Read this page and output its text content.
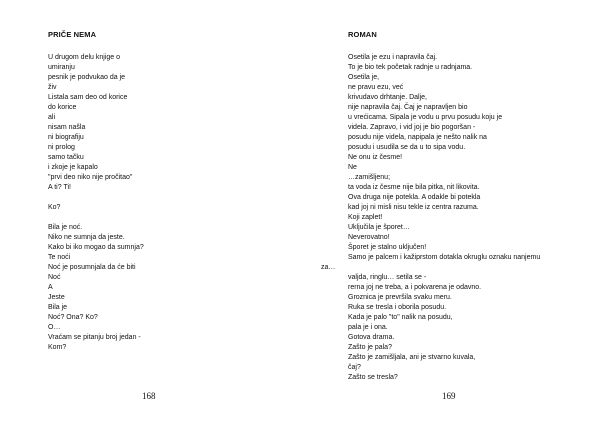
PRIČE NEMA
U drugom delu knjige o
umiranju
pesnik je podvukao da je
živ
Listala sam deo od korice
do korice
ali
nisam našla
ni biografiju
ni prolog
samo tačku
i zkoje je kapalo
"prvi deo niko nije pročitao"
A ti? Ti!
Ko?
Bila je noć.
Niko ne sumnja da jeste.
Kako bi iko mogao da sumnja?
Te noći
Noć je posumnjala da će biti
Noć
A
Jeste
Bila je
Noć? Ona? Ko?
O…
Vraćam se pitanju broj jedan -
Kom?
168
ROMAN
Osetila je ezu i napravila čaj.
To je bio tek početak radnje u radnjama.
Osetila je,
ne pravu ezu, već
krivudavo drhtanje. Dalje,
nije napravila čaj. Čaj je napravljen bio
u vrećicama. Sipala je vodu u prvu posudu koju je
videla. Zapravo, i vid joj je bio pogoršan -
posudu nije videla, napipala je nešto nalik na
posudu i usudila se da u to sipa vodu.
Ne onu iz česme!
Ne
…zamišljenu;
ta voda iz česme nije bila pitka, nit likovita.
Ova druga nije potekla. A odakle bi potekla
kad joj ni misli nisu tekle iz centra razuma.
Koji zaplet!
Uključila je šporet…
Neverovatno!
Šporet je stalno uključen!
Samo je palcem i kažiprstom dotakla okruglu oznaku nanjemu
za…
valjda, ringlu… setila se -
rerna joj ne treba, a i pokvarena je odavno.
Groznica je prevršila svaku meru.
Ruka se tresla i oborila posudu.
Kada je palo "to" nalik na posudu,
pala je i ona.
Gotova drama.
Zašto je pala?
Zašto je zamišljala, ani je stvarno kuvala,
čaj?
Zašto se tresla?
169
